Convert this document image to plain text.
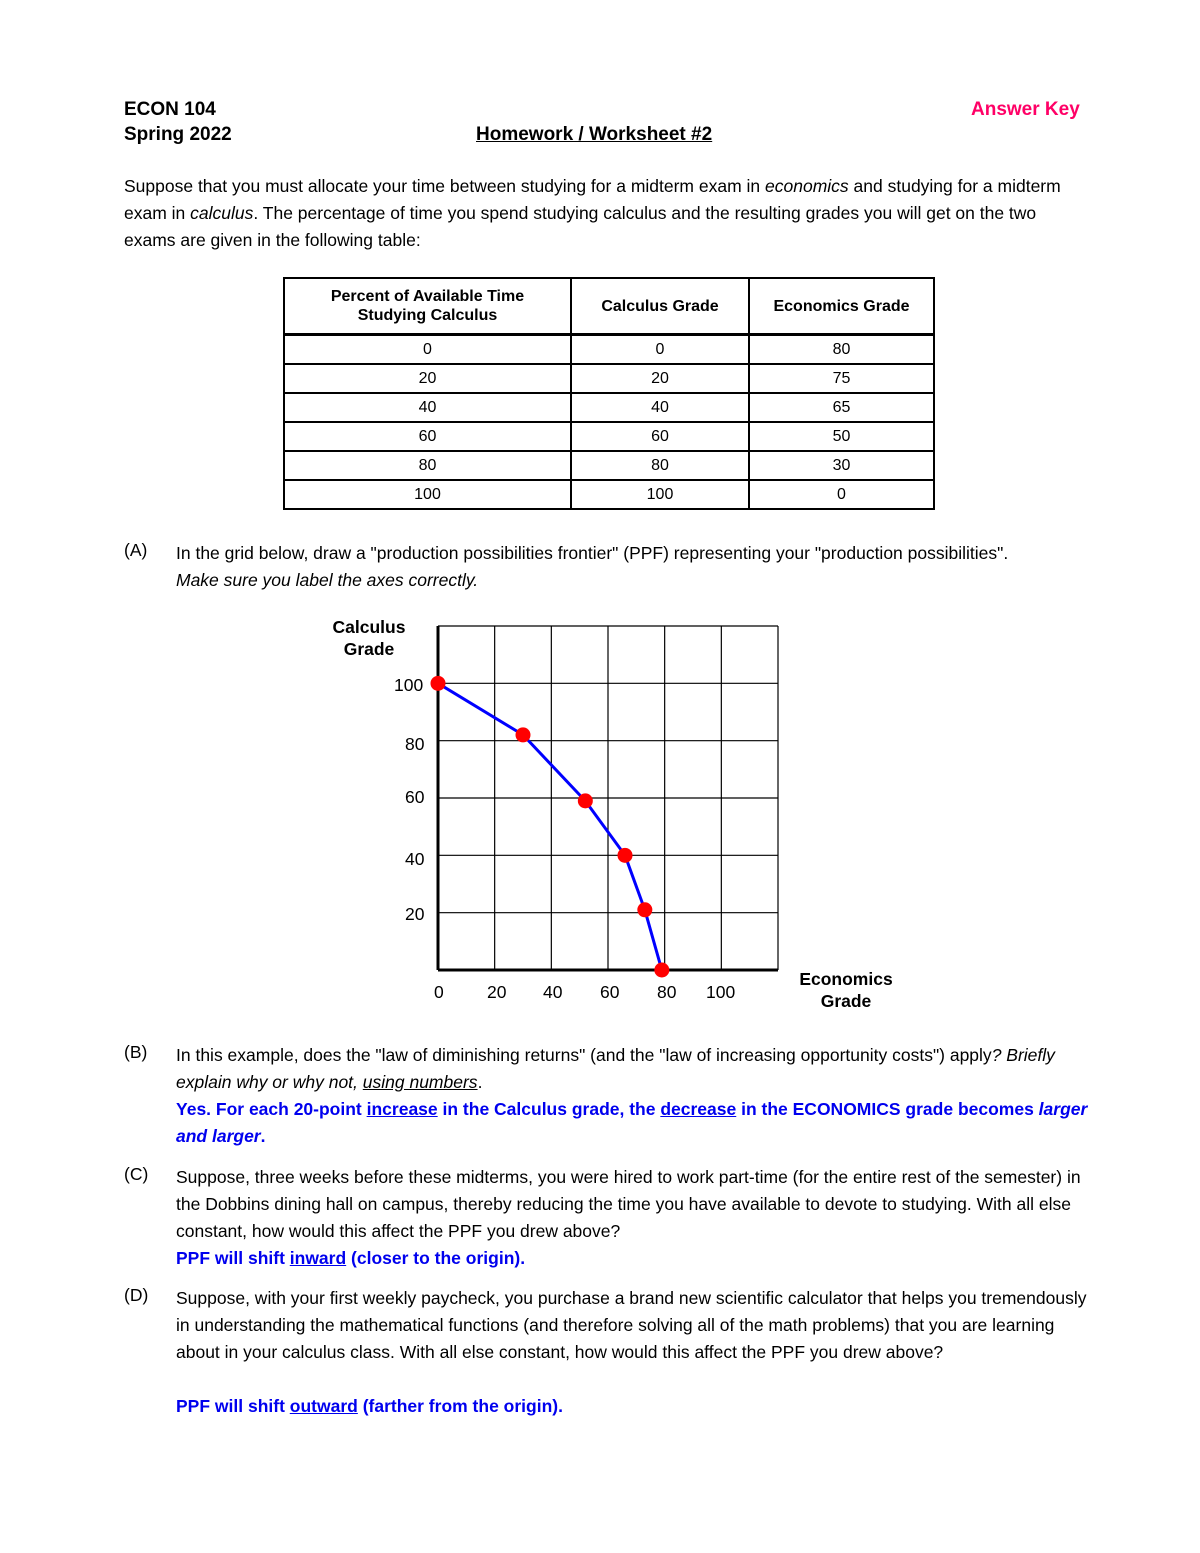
ECON 104	Answer Key
Spring 2022	Homework / Worksheet #2
Suppose that you must allocate your time between studying for a midterm exam in economics and studying for a midterm exam in calculus. The percentage of time you spend studying calculus and the resulting grades you will get on the two exams are given in the following table:
Percent of Available Time Studying Calculus	Calculus Grade	Economics Grade
0	0	80
20	20	75
40	40	65
60	60	50
80	80	30
100	100	0
(A) In the grid below, draw a "production possibilities frontier" (PPF) representing your "production possibilities". Make sure you label the axes correctly.
Calculus Grade
Economics Grade
100
80
60
40
20
0 20 40 60 80 100
(B) In this example, does the "law of diminishing returns" (and the "law of increasing opportunity costs") apply? Briefly explain why or why not, using numbers.
Yes. For each 20-point increase in the Calculus grade, the decrease in the ECONOMICS grade becomes larger and larger.
(C) Suppose, three weeks before these midterms, you were hired to work part-time (for the entire rest of the semester) in the Dobbins dining hall on campus, thereby reducing the time you have available to devote to studying. With all else constant, how would this affect the PPF you drew above?
PPF will shift inward (closer to the origin).
(D) Suppose, with your first weekly paycheck, you purchase a brand new scientific calculator that helps you tremendously in understanding the mathematical functions (and therefore solving all of the math problems) that you are learning about in your calculus class. With all else constant, how would this affect the PPF you drew above?
PPF will shift outward (farther from the origin).
